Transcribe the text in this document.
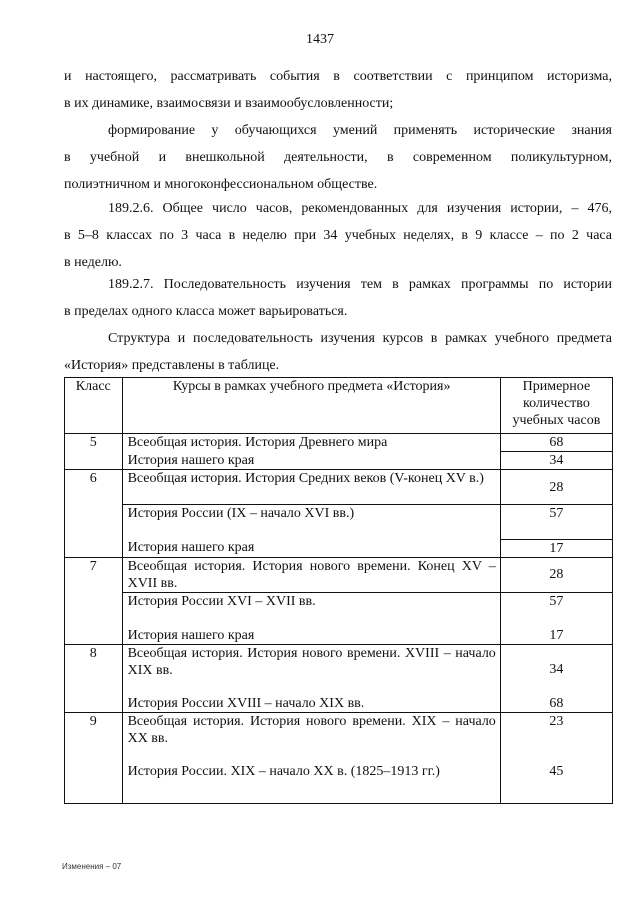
1437
и настоящего, рассматривать события в соответствии с принципом историзма,
в их динамике, взаимосвязи и взаимообусловленности;
формирование у обучающихся умений применять исторические знания
в учебной и внешкольной деятельности, в современном поликультурном,
полиэтничном и многоконфессиональном обществе.
189.2.6. Общее число часов, рекомендованных для изучения истории, – 476,
в 5–8 классах по 3 часа в неделю при 34 учебных неделях, в 9 классе – по 2 часа
в неделю.
189.2.7. Последовательность изучения тем в рамках программы по истории
в пределах одного класса может варьироваться.
Структура и последовательность изучения курсов в рамках учебного предмета
«История» представлены в таблице.
Класс	Курсы в рамках учебного предмета «История»	Примерное количество учебных часов
5	Всеобщая история. История Древнего мира	68
	История нашего края	34
6	Всеобщая история. История Средних веков (V-конец XV в.)	28
	История России (IX – начало XVI вв.)	57
	История нашего края	17
7	Всеобщая история. История нового времени. Конец XV – XVII вв.	28
	История России XVI – XVII вв.	57
	История нашего края	17
8	Всеобщая история. История нового времени. XVIII – начало XIX вв.	34
	История России XVIII – начало XIX вв.	68
9	Всеобщая история. История нового времени. XIX – начало XX вв.	23
	История России. XIX – начало XX в. (1825–1913 гг.)	45
Изменения – 07
